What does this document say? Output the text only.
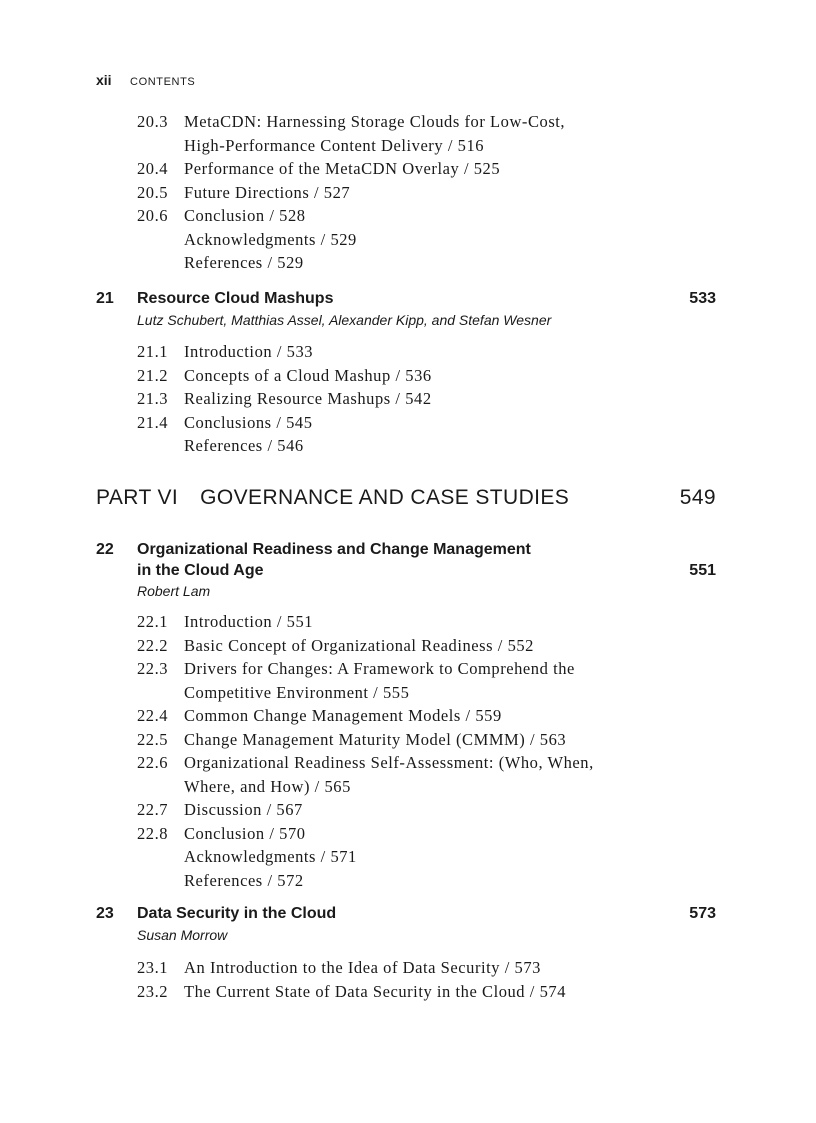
xii CONTENTS
20.3 MetaCDN: Harnessing Storage Clouds for Low-Cost,
High-Performance Content Delivery / 516
20.4 Performance of the MetaCDN Overlay / 525
20.5 Future Directions / 527
20.6 Conclusion / 528
Acknowledgments / 529
References / 529
21	Resource Cloud Mashups	533
Lutz Schubert, Matthias Assel, Alexander Kipp, and Stefan Wesner
21.1 Introduction / 533
21.2 Concepts of a Cloud Mashup / 536
21.3 Realizing Resource Mashups / 542
21.4 Conclusions / 545
References / 546
PART VI GOVERNANCE AND CASE STUDIES	549
22	Organizational Readiness and Change Management
in the Cloud Age	551
Robert Lam
22.1 Introduction / 551
22.2 Basic Concept of Organizational Readiness / 552
22.3 Drivers for Changes: A Framework to Comprehend the
Competitive Environment / 555
22.4 Common Change Management Models / 559
22.5 Change Management Maturity Model (CMMM) / 563
22.6 Organizational Readiness Self-Assessment: (Who, When,
Where, and How) / 565
22.7 Discussion / 567
22.8 Conclusion / 570
Acknowledgments / 571
References / 572
23	Data Security in the Cloud	573
Susan Morrow
23.1 An Introduction to the Idea of Data Security / 573
23.2 The Current State of Data Security in the Cloud / 574
